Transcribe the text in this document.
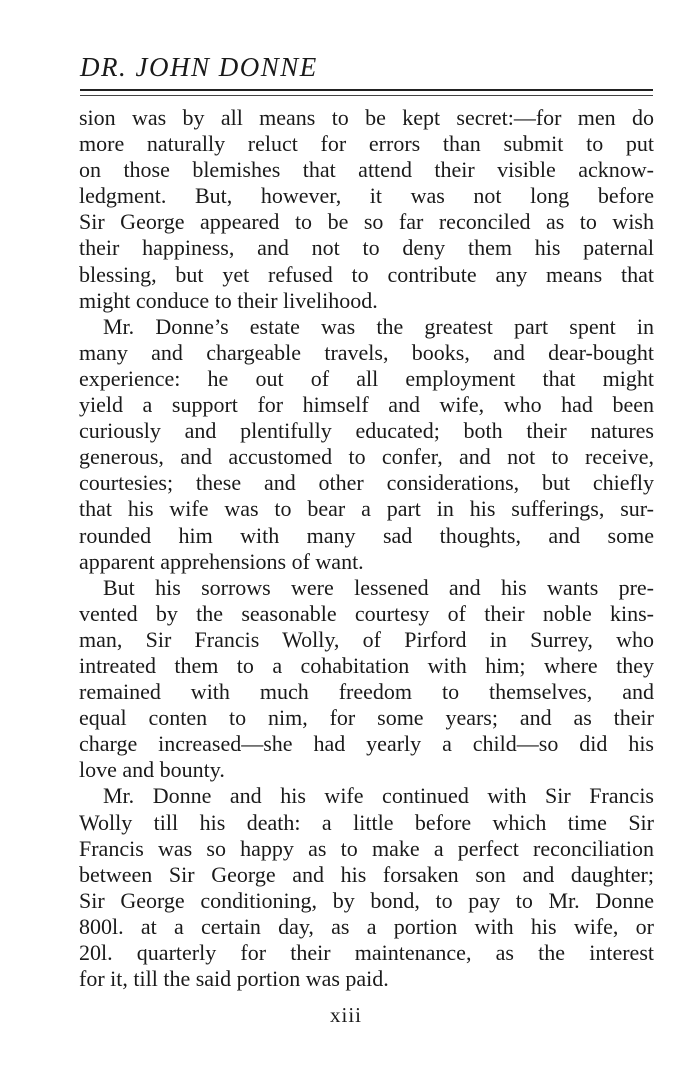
DR. JOHN DONNE
sion was by all means to be kept secret:—for men do
more naturally reluct for errors than submit to put
on those blemishes that attend their visible acknow-
ledgment. But, however, it was not long before
Sir George appeared to be so far reconciled as to wish
their happiness, and not to deny them his paternal
blessing, but yet refused to contribute any means that
might conduce to their livelihood.
Mr. Donne’s estate was the greatest part spent in
many and chargeable travels, books, and dear-bought
experience: he out of all employment that might
yield a support for himself and wife, who had been
curiously and plentifully educated; both their natures
generous, and accustomed to confer, and not to receive,
courtesies; these and other considerations, but chiefly
that his wife was to bear a part in his sufferings, sur-
rounded him with many sad thoughts, and some
apparent apprehensions of want.
But his sorrows were lessened and his wants pre-
vented by the seasonable courtesy of their noble kins-
man, Sir Francis Wolly, of Pirford in Surrey, who
intreated them to a cohabitation with him; where they
remained with much freedom to themselves, and
equal conten to nim, for some years; and as their
charge increased—she had yearly a child—so did his
love and bounty.
Mr. Donne and his wife continued with Sir Francis
Wolly till his death: a little before which time Sir
Francis was so happy as to make a perfect reconciliation
between Sir George and his forsaken son and daughter;
Sir George conditioning, by bond, to pay to Mr. Donne
800l. at a certain day, as a portion with his wife, or
20l. quarterly for their maintenance, as the interest
for it, till the said portion was paid.
xiii
